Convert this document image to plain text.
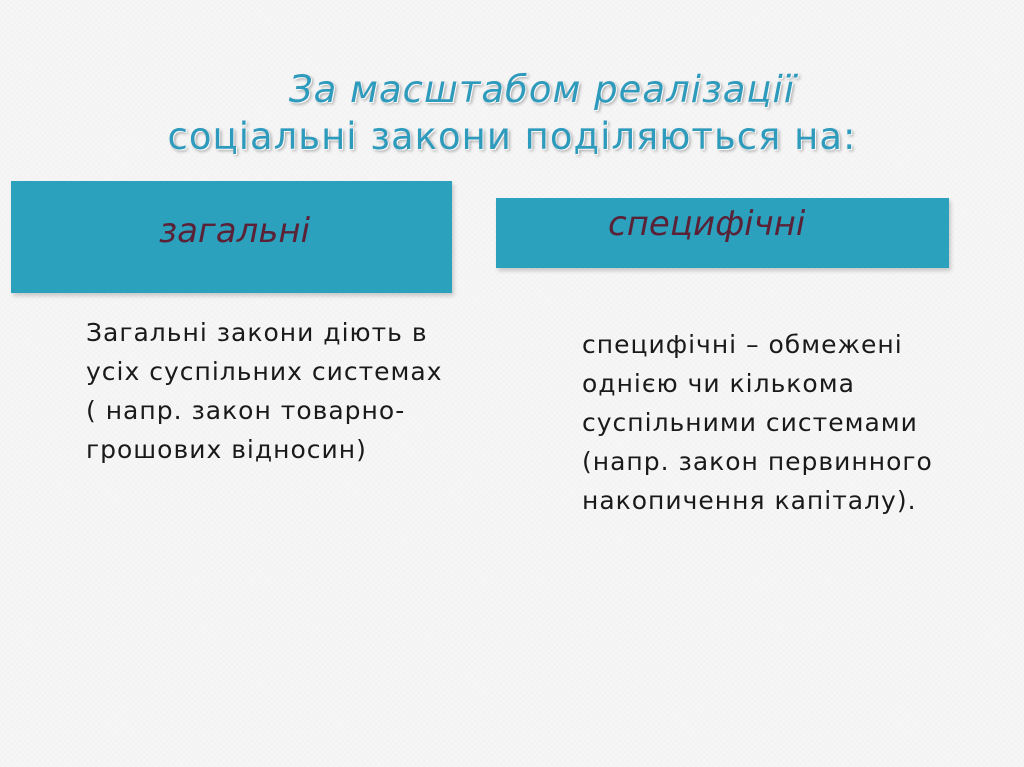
За масштабом реалізації
соціальні закони поділяються на:
загальні	специфічні

Загальні закони діють в
усіх суспільних системах
( напр. закон товарно-
грошових відносин)

специфічні – обмежені
однією чи кількома
суспільними системами
(напр. закон первинного
накопичення капіталу).
